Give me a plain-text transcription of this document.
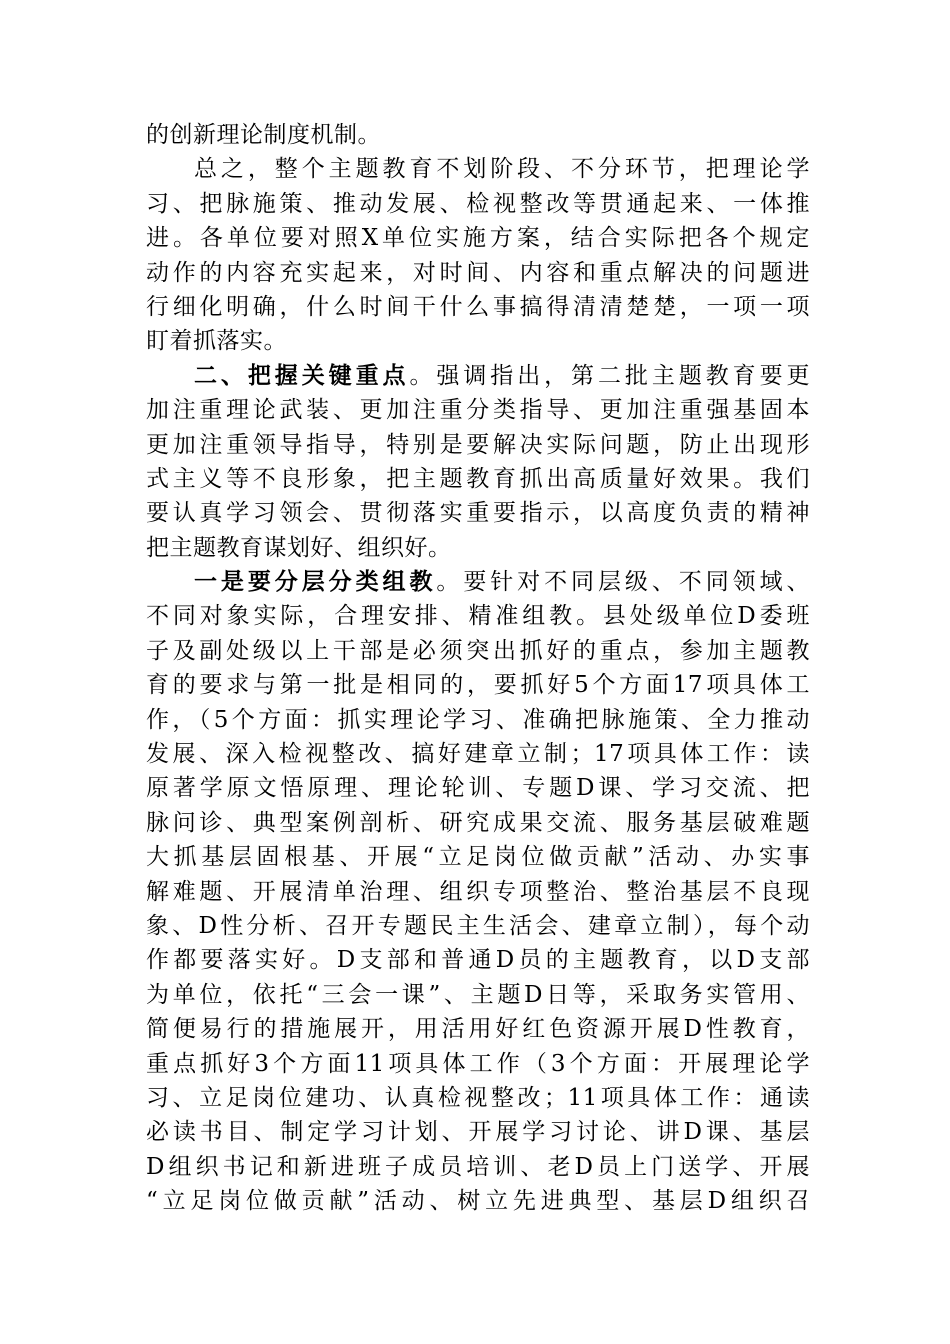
的创新理论制度机制。
总之，整个主题教育不划阶段、不分环节，把理论学
习、把脉施策、推动发展、检视整改等贯通起来、一体推
进。各单位要对照X单位实施方案，结合实际把各个规定
动作的内容充实起来，对时间、内容和重点解决的问题进
行细化明确，什么时间干什么事搞得清清楚楚，一项一项
盯着抓落实。
二、把握关键重点。强调指出，第二批主题教育要更
加注重理论武装、更加注重分类指导、更加注重强基固本
更加注重领导指导，特别是要解决实际问题，防止出现形
式主义等不良形象，把主题教育抓出高质量好效果。我们
要认真学习领会、贯彻落实重要指示，以高度负责的精神
把主题教育谋划好、组织好。
一是要分层分类组教。要针对不同层级、不同领域、
不同对象实际，合理安排、精准组教。县处级单位D委班
子及副处级以上干部是必须突出抓好的重点，参加主题教
育的要求与第一批是相同的，要抓好5个方面17项具体工
作，（5个方面：抓实理论学习、准确把脉施策、全力推动
发展、深入检视整改、搞好建章立制；17项具体工作：读
原著学原文悟原理、理论轮训、专题D课、学习交流、把
脉问诊、典型案例剖析、研究成果交流、服务基层破难题
大抓基层固根基、开展“立足岗位做贡献”活动、办实事
解难题、开展清单治理、组织专项整治、整治基层不良现
象、D性分析、召开专题民主生活会、建章立制），每个动
作都要落实好。D支部和普通D员的主题教育，以D支部
为单位，依托“三会一课”、主题D日等，采取务实管用、
简便易行的措施展开，用活用好红色资源开展D性教育，
重点抓好3个方面11项具体工作（3个方面：开展理论学
习、立足岗位建功、认真检视整改；11项具体工作：通读
必读书目、制定学习计划、开展学习讨论、讲D课、基层
D组织书记和新进班子成员培训、老D员上门送学、开展
“立足岗位做贡献”活动、树立先进典型、基层D组织召
